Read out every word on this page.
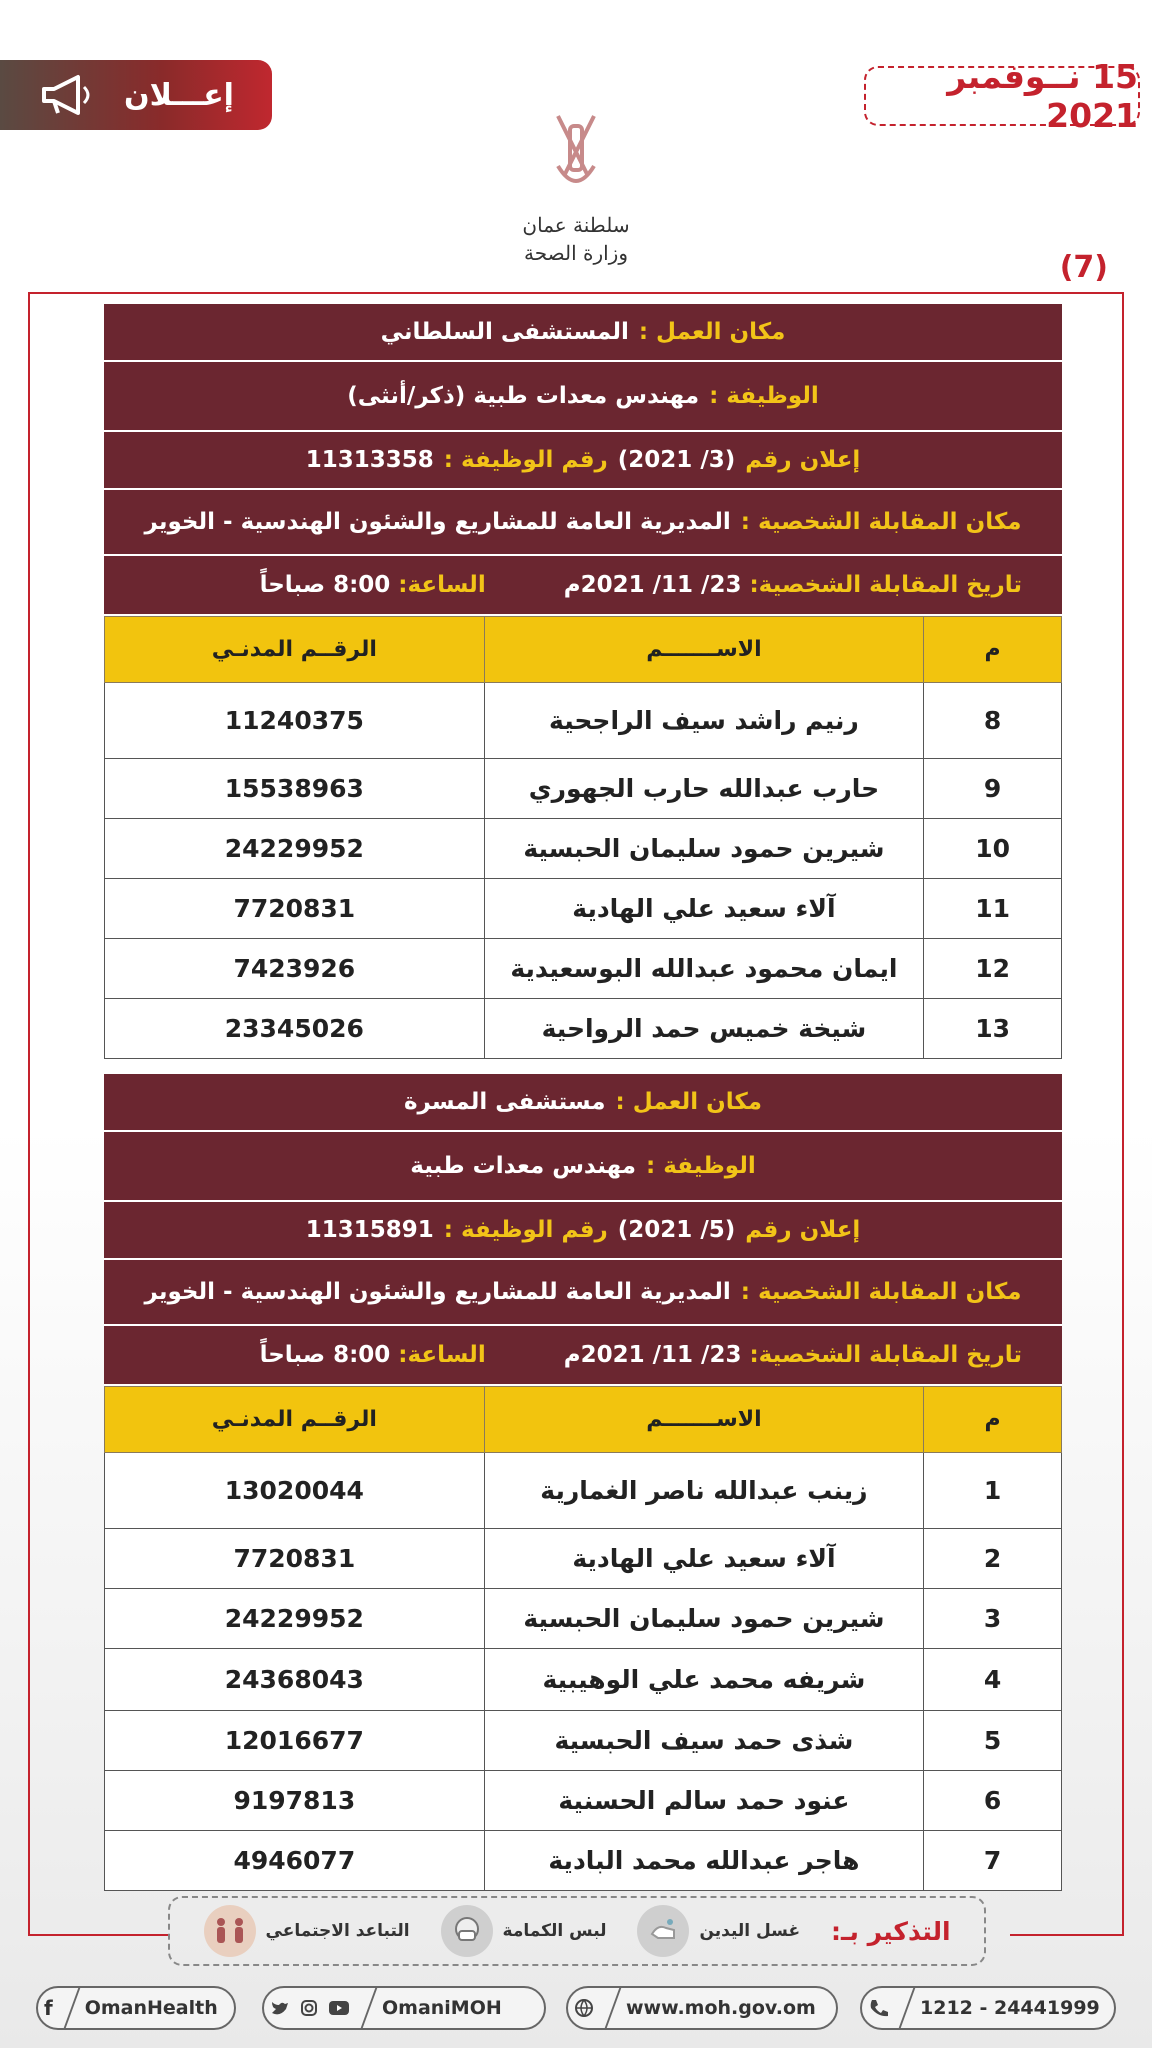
إعـــلان	15 نــوفمبر 2021
سلطنة عمان
وزارة الصحة	(7)
مكان العمل :
المستشفى السلطاني
الوظيفة :
مهندس معدات طبية (ذكر/أنثى)
إعلان رقم
(3/ 2021)
رقم الوظيفة :
11313358
مكان المقابلة الشخصية :
المديرية العامة للمشاريع والشئون الهندسية - الخوير
تاريخ المقابلة الشخصية:
23/ 11/ 2021م
الساعة:
8:00 صباحاً
م	الاســـــــم	الرقــم المدنـي
8	رنيم راشد سيف الراجحية	11240375
9	حارب عبدالله حارب الجهوري	15538963
10	شيرين حمود سليمان الحبسية	24229952
11	آلاء سعيد علي الهادية	7720831
12	ايمان محمود عبدالله البوسعيدية	7423926
13	شيخة خميس حمد الرواحية	23345026
مكان العمل :
مستشفى المسرة
الوظيفة :
مهندس معدات طبية
إعلان رقم
(5/ 2021)
رقم الوظيفة :
11315891
مكان المقابلة الشخصية :
المديرية العامة للمشاريع والشئون الهندسية - الخوير
تاريخ المقابلة الشخصية:
23/ 11/ 2021م
الساعة:
8:00 صباحاً
م	الاســـــــم	الرقــم المدنـي
1	زينب عبدالله ناصر الغمارية	13020044
2	آلاء سعيد علي الهادية	7720831
3	شيرين حمود سليمان الحبسية	24229952
4	شريفه محمد علي الوهيبية	24368043
5	شذى حمد سيف الحبسية	12016677
6	عنود حمد سالم الحسنية	9197813
7	هاجر عبدالله محمد البادية	4946077
التذكير بـ:
غسل اليدين
لبس الكمامة
التباعد الاجتماعي
f	OmanHealth	OmaniMOH	www.moh.gov.om	1212 - 24441999
